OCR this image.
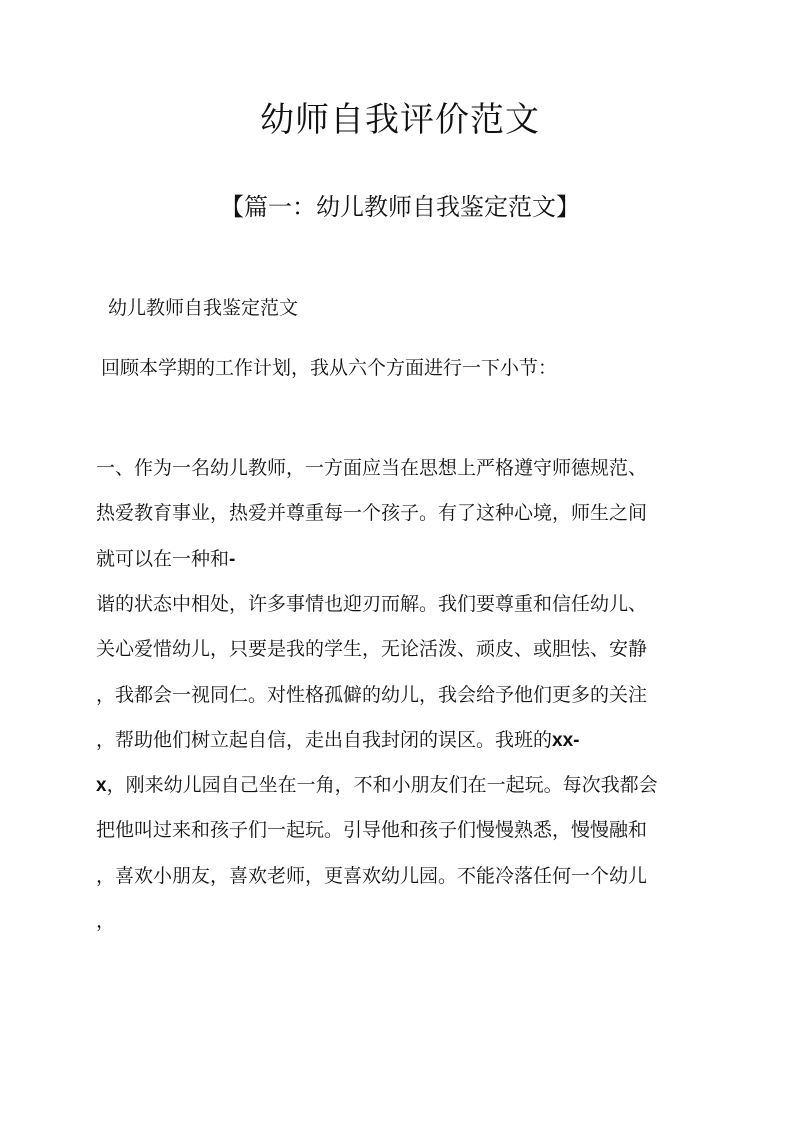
幼师自我评价范文
【篇一：幼儿教师自我鉴定范文】
幼儿教师自我鉴定范文
回顾本学期的工作计划，我从六个方面进行一下小节：
一、作为一名幼儿教师，一方面应当在思想上严格遵守师德规范、
热爱教育事业，热爱并尊重每一个孩子。有了这种心境，师生之间
就可以在一种和-
谐的状态中相处，许多事情也迎刃而解。我们要尊重和信任幼儿、
关心爱惜幼儿，只要是我的学生，无论活泼、顽皮、或胆怯、安静
，我都会一视同仁。对性格孤僻的幼儿，我会给予他们更多的关注
，帮助他们树立起自信，走出自我封闭的误区。我班的xx-
x，刚来幼儿园自己坐在一角，不和小朋友们在一起玩。每次我都会
把他叫过来和孩子们一起玩。引导他和孩子们慢慢熟悉，慢慢融和
，喜欢小朋友，喜欢老师，更喜欢幼儿园。不能冷落任何一个幼儿
，
